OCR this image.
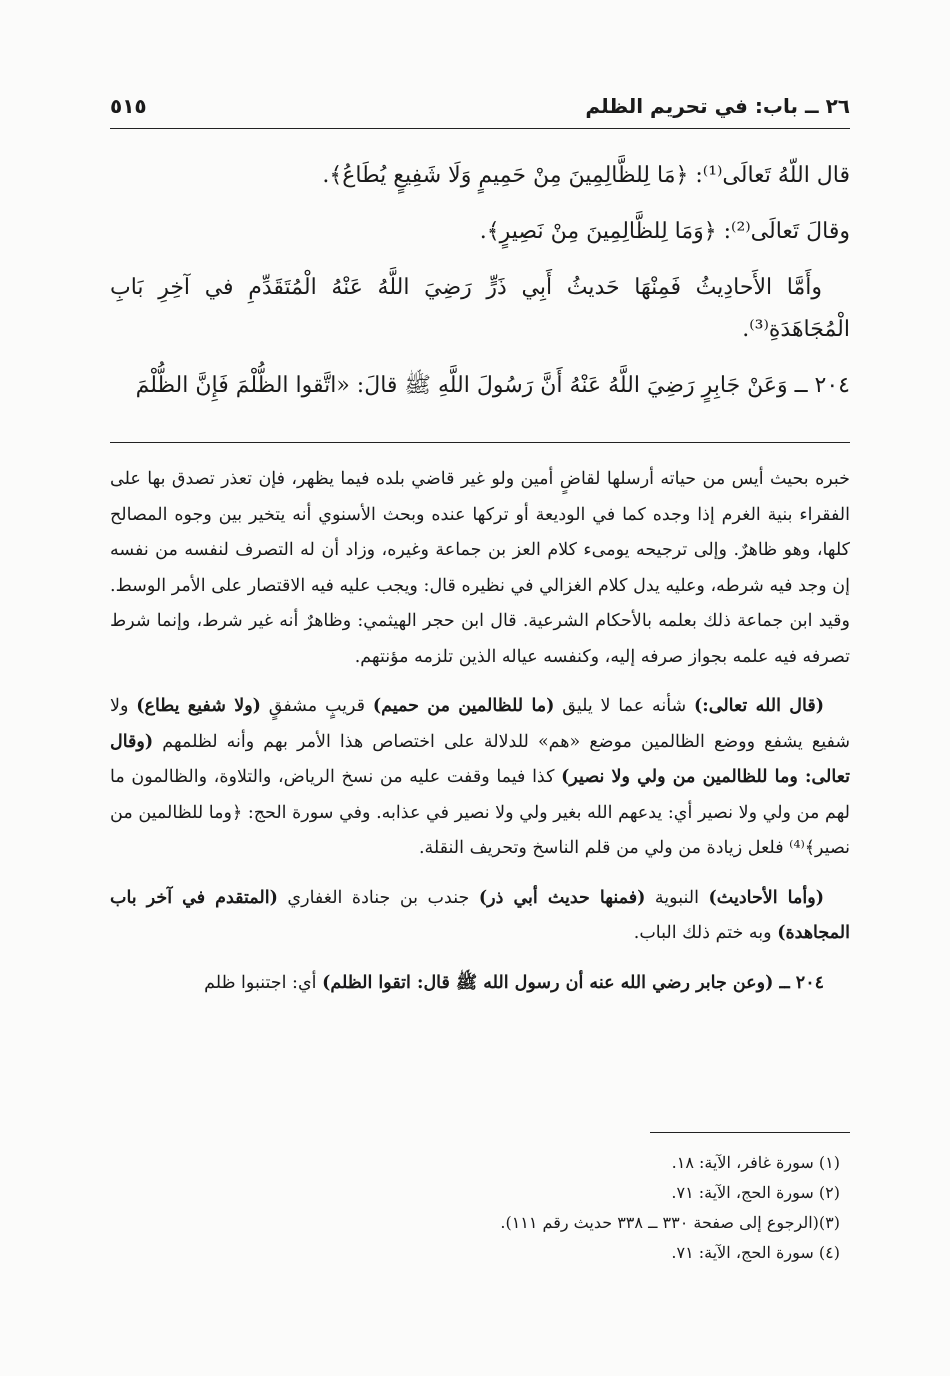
٢٦ ــ باب: في تحريم الظلم
٥١٥

قال اللّهُ تَعالَى⁽¹⁾: ﴿مَا لِلظَّالِمِينَ مِنْ حَمِيمٍ وَلَا شَفِيعٍ يُطَاعُ﴾.

وقالَ تَعالَى⁽²⁾: ﴿وَمَا لِلظَّالِمِينَ مِنْ نَصِيرٍ﴾.

وأَمَّا الأَحادِيثُ فَمِنْهَا حَديثُ أَبِي ذَرٍّ رَضِيَ اللَّهُ عَنْهُ الْمُتَقَدِّمِ في آخِرِ بَابِ الْمُجَاهَدَةِ⁽³⁾.

٢٠٤ ــ وَعَنْ جَابِرٍ رَضِيَ اللَّهُ عَنْهُ أَنَّ رَسُولَ اللَّهِ ﷺ قالَ: «اتَّقوا الظُّلْمَ فَإِنَّ الظُّلْمَ

خبره بحيث أيس من حياته أرسلها لقاضٍ أمين ولو غير قاضي بلده فيما يظهر، فإن تعذر تصدق بها على الفقراء بنية الغرم إذا وجده كما في الوديعة أو تركها عنده وبحث الأسنوي أنه يتخير بين وجوه المصالح كلها، وهو ظاهرٌ. وإلى ترجيحه يومىء كلام العز بن جماعة وغيره، وزاد أن له التصرف لنفسه من نفسه إن وجد فيه شرطه، وعليه يدل كلام الغزالي في نظيره قال: ويجب عليه فيه الاقتصار على الأمر الوسط. وقيد ابن جماعة ذلك بعلمه بالأحكام الشرعية. قال ابن حجر الهيثمي: وظاهرٌ أنه غير شرط، وإنما شرط تصرفه فيه علمه بجواز صرفه إليه، وكنفسه عياله الذين تلزمه مؤنتهم.

(قال الله تعالى:) شأنه عما لا يليق (ما للظالمين من حميم) قريبٍ مشفقٍ (ولا شفيع يطاع) ولا شفيع يشفع ووضع الظالمين موضع «هم» للدلالة على اختصاص هذا الأمر بهم وأنه لظلمهم (وقال تعالى: وما للظالمين من ولي ولا نصير) كذا فيما وقفت عليه من نسخ الرياض، والتلاوة، والظالمون ما لهم من ولي ولا نصير أي: يدعهم الله بغير ولي ولا نصير في عذابه. وفي سورة الحج: ﴿وما للظالمين من نصير﴾⁽⁴⁾ فلعل زيادة من ولي من قلم الناسخ وتحريف النقلة.

(وأما الأحاديث) النبوية (فمنها حديث أبي ذر) جندب بن جنادة الغفاري (المتقدم في آخر باب المجاهدة) وبه ختم ذلك الباب.

٢٠٤ ــ (وعن جابر رضي الله عنه أن رسول الله ﷺ قال: اتقوا الظلم) أي: اجتنبوا ظلم

(١) سورة غافر، الآية: ١٨.
(٢) سورة الحج، الآية: ٧١.
(٣)(الرجوع إلى صفحة ٣٣٠ ــ ٣٣٨ حديث رقم ١١١).
(٤) سورة الحج، الآية: ٧١.
